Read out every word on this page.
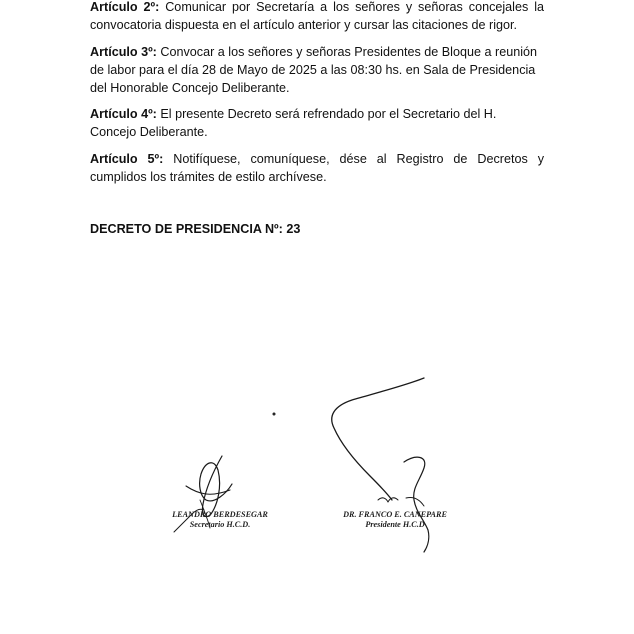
Artículo 2º: Comunicar por Secretaría a los señores y señoras concejales la convocatoria dispuesta en el artículo anterior y cursar las citaciones de rigor.

Artículo 3º: Convocar a los señores y señoras Presidentes de Bloque a reunión de labor para el día 28 de Mayo de 2025 a las 08:30 hs. en Sala de Presidencia del Honorable Concejo Deliberante.

Artículo 4º: El presente Decreto será refrendado por el Secretario del H. Concejo Deliberante.

Artículo 5º: Notifíquese, comuníquese, dése al Registro de Decretos y cumplidos los trámites de estilo archívese.

DECRETO DE PRESIDENCIA Nº: 23

LEANDRO BERDESEGAR
Secretario H.C.D.
DR. FRANCO E. CANEPARE
Presidente H.C.D
